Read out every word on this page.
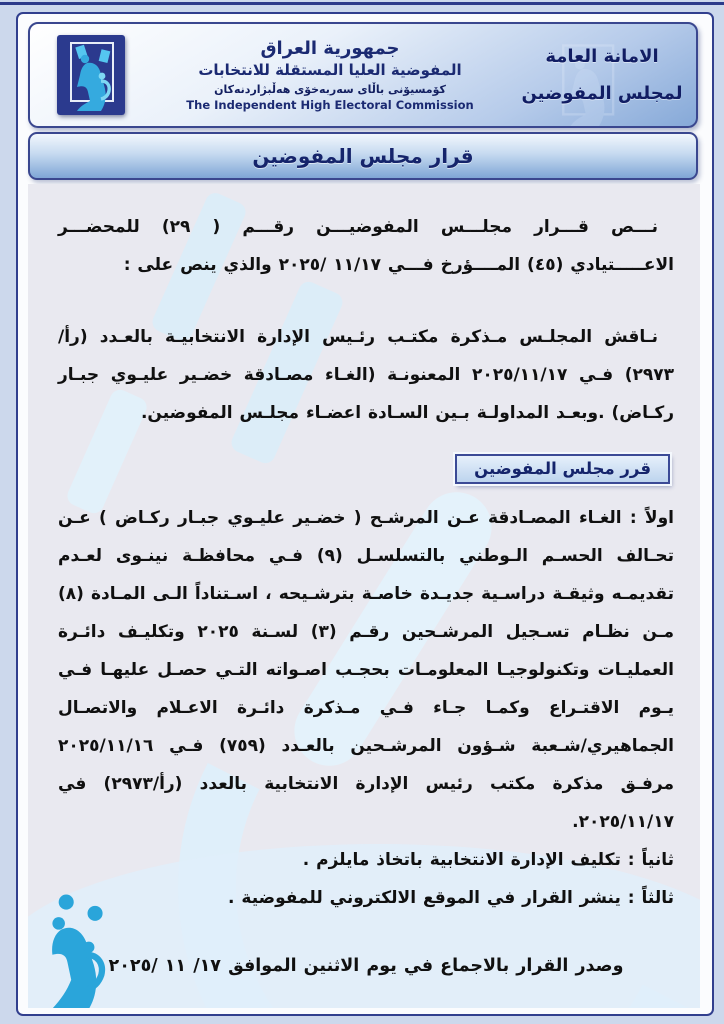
جمهورية العراق
المفوضية العليا المستقلة للانتخابات
کۆمسیۆنی باڵای سەربەخۆی هەڵبژاردنەکان
The Independent High Electoral Commission
الامانة العامة
لمجلس المفوضين
قرار مجلس المفوضين

نـــص قـــرار مجلـــس المفوضيـــن رقـــم ( ٢٩) للمحضـــر الاعـــــتيادي (٤٥) المــــؤرخ فـــي ١١/١٧ /٢٠٢٥ والذي ينص على :

نـاقش المجلـس مـذكرة مكتـب رئـيس الإدارة الانتخابيـة بالعـدد (رأ/٢٩٧٣) فـي ٢٠٢٥/١١/١٧ المعنونـة (الغـاء مصـادقة خضـير عليـوي جبـار ركـاض) .وبعـد المداولـة بـين السـادة اعضـاء مجلـس المفوضين.

قرر مجلس المفوضين

اولاً : الغـاء المصـادقة عـن المرشـح ( خضـير عليـوي جبـار ركـاض ) عـن تحـالف الحسـم الـوطني بالتسلسـل (٩) فـي محافظـة نينـوى لعـدم تقديمـه وثيقـة دراسـية جديـدة خاصـة بترشـيحه ، اسـتناداً الـى المـادة (٨) مـن نظـام تسـجيل المرشـحين رقـم (٣) لسـنة ٢٠٢٥ وتكليـف دائـرة العمليـات وتكنولوجيـا المعلومـات بحجـب اصـواته التـي حصـل عليهـا فـي يـوم الاقتـراع وكمـا جـاء فـي مـذكرة دائـرة الاعـلام والاتصـال الجماهيري/شـعبة شـؤون المرشـحين بالعـدد (٧٥٩) فـي ٢٠٢٥/١١/١٦ مرفـق مذكرة مكتب رئيس الإدارة الانتخابية بالعدد (رأ/٢٩٧٣) في ٢٠٢٥/١١/١٧.

ثانياً : تكليف الإدارة الانتخابية باتخاذ مايلزم .

ثالثاً : ينشر القرار في الموقع الالكتروني للمفوضية .

وصدر القرار بالاجماع في يوم الاثنين الموافق ١٧/ ١١ /٢٠٢٥
